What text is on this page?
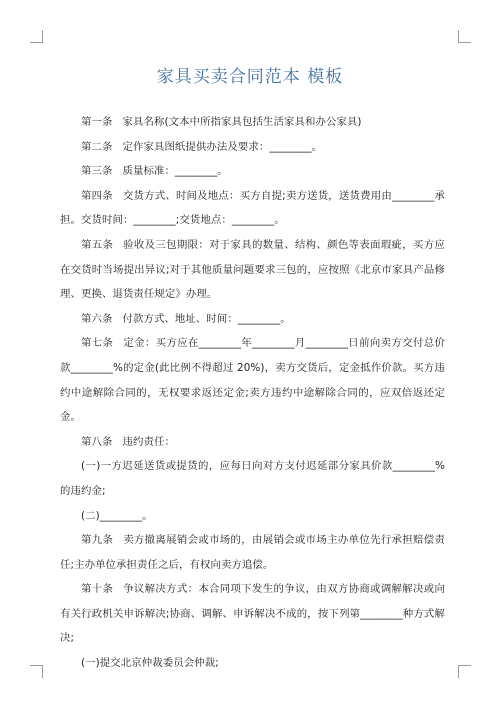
家具买卖合同范本 模板

第一条 家具名称(文本中所指家具包括生活家具和办公家具)

第二条 定作家具图纸提供办法及要求：________。

第三条 质量标准：________。

第四条 交货方式、时间及地点：买方自提;卖方送货，送货费用由________承担。交货时间：________;交货地点：________。

第五条 验收及三包期限：对于家具的数量、结构、颜色等表面瑕疵，买方应在交货时当场提出异议;对于其他质量问题要求三包的，应按照《北京市家具产品修理、更换、退货责任规定》办理。

第六条 付款方式、地址、时间：________。

第七条 定金：买方应在________年________月________日前向卖方交付总价款________%的定金(此比例不得超过 20%)，卖方交货后，定金抵作价款。买方违约中途解除合同的，无权要求返还定金;卖方违约中途解除合同的，应双倍返还定金。

第八条 违约责任：

(一)一方迟延送货或提货的，应每日向对方支付迟延部分家具价款________%的违约金;

(二)________。

第九条 卖方撤离展销会或市场的，由展销会或市场主办单位先行承担赔偿责任;主办单位承担责任之后，有权向卖方追偿。

第十条 争议解决方式：本合同项下发生的争议，由双方协商或调解解决或向有关行政机关申诉解决;协商、调解、申诉解决不成的，按下列第________种方式解决;

(一)提交北京仲裁委员会仲裁;
